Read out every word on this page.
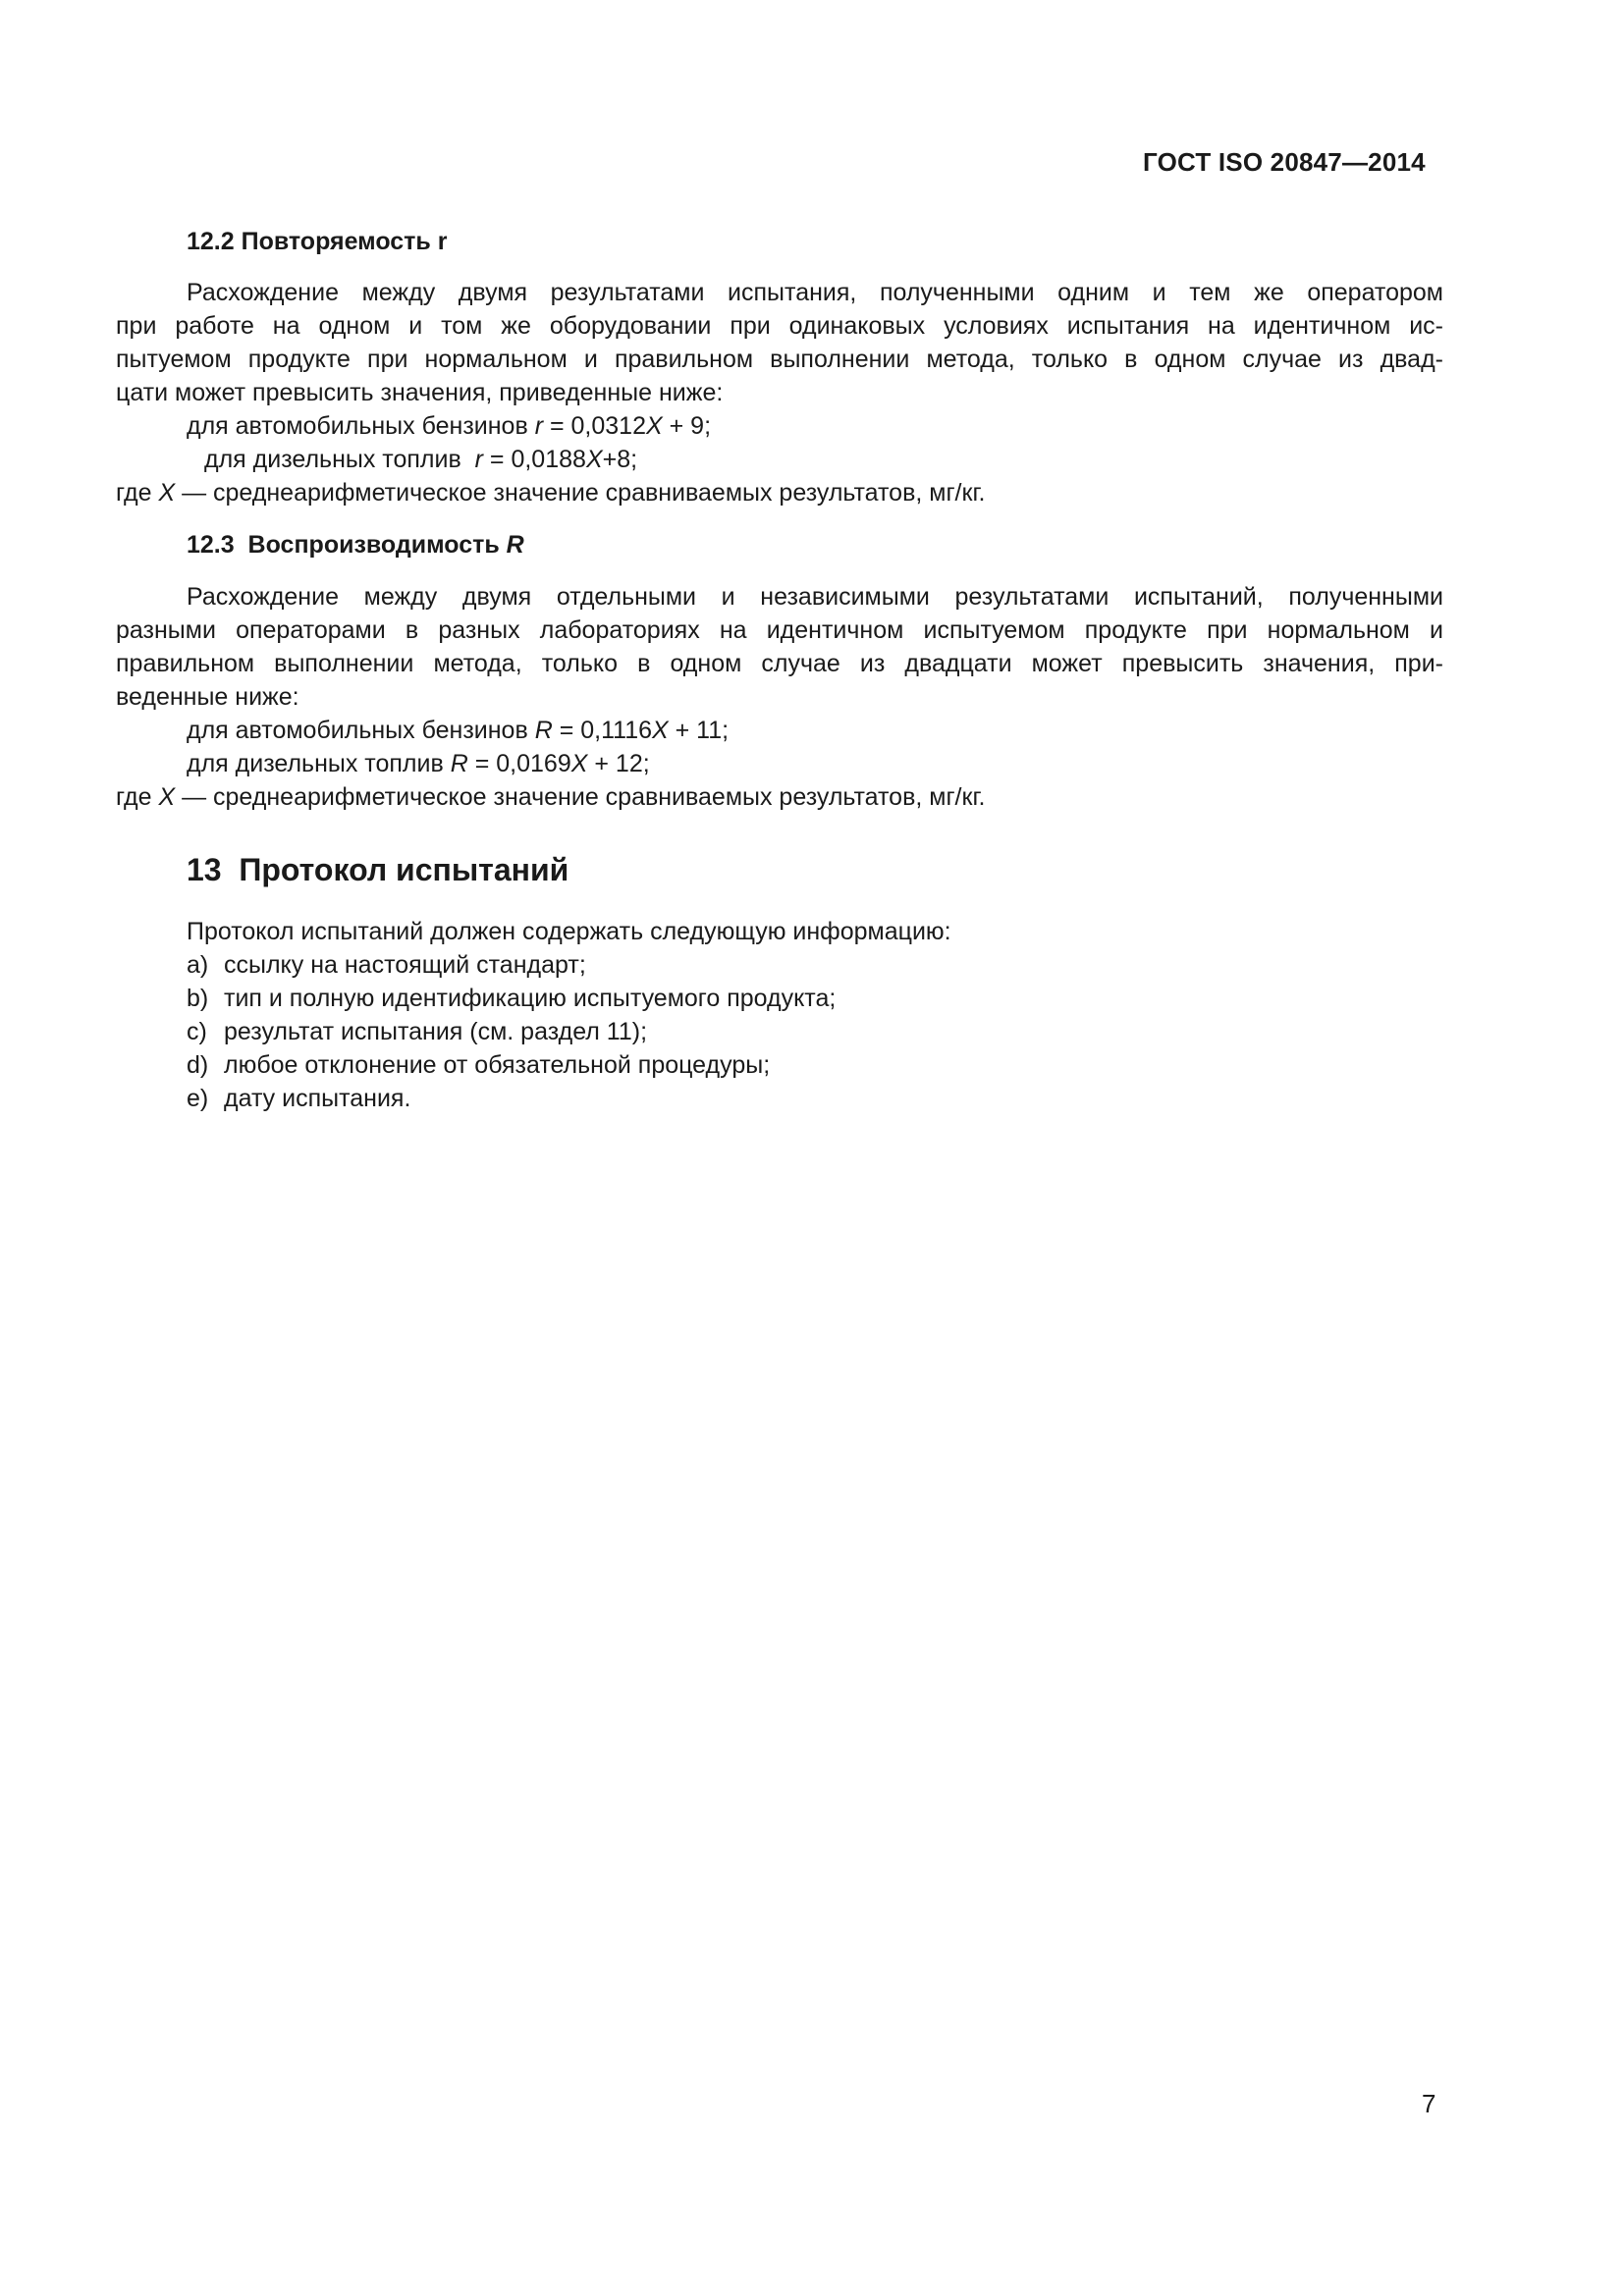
ГОСТ ISO 20847—2014
12.2 Повторяемость r
Расхождение между двумя результатами испытания, полученными одним и тем же оператором
при работе на одном и том же оборудовании при одинаковых условиях испытания на идентичном ис-
пытуемом продукте при нормальном и правильном выполнении метода, только в одном случае из двад-
цати может превысить значения, приведенные ниже:
для автомобильных бензинов r = 0,0312X + 9;
для дизельных топлив  r = 0,0188X+8;
где X — среднеарифметическое значение сравниваемых результатов, мг/кг.
12.3  Воспроизводимость R
Расхождение между двумя отдельными и независимыми результатами испытаний, полученными
разными операторами в разных лабораториях на идентичном испытуемом продукте при нормальном и
правильном выполнении метода, только в одном случае из двадцати может превысить значения, при-
веденные ниже:
для автомобильных бензинов R = 0,1116X + 11;
для дизельных топлив R = 0,0169X + 12;
где X — среднеарифметическое значение сравниваемых результатов, мг/кг.
13  Протокол испытаний
Протокол испытаний должен содержать следующую информацию:
a) ссылку на настоящий стандарт;
b) тип и полную идентификацию испытуемого продукта;
c) результат испытания (см. раздел 11);
d) любое отклонение от обязательной процедуры;
e) дату испытания.
7
